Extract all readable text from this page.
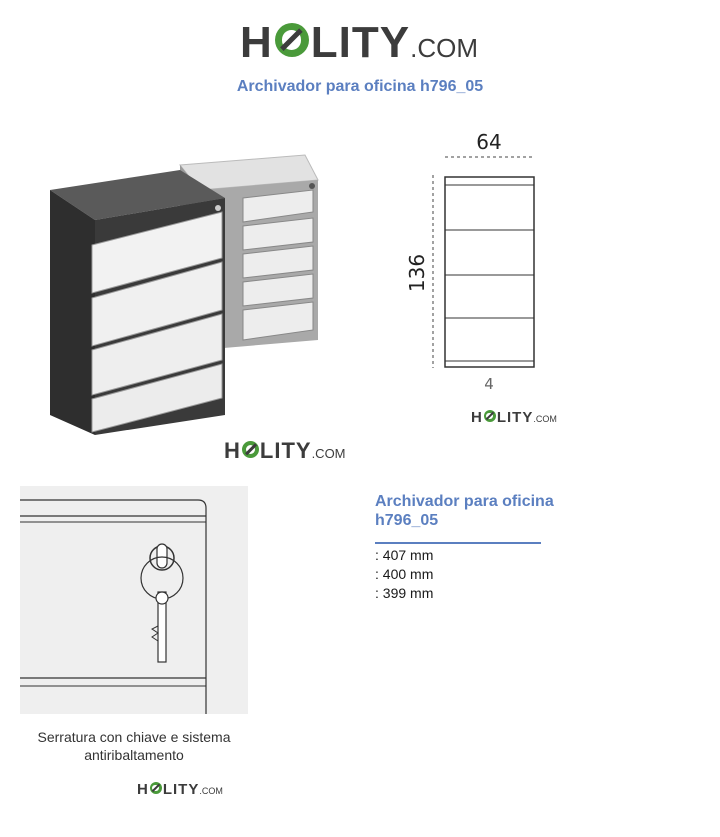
H LITY .COM
Archivador para oficina h796_05
H LITY .COM
64
136
4
H LITY .COM
Serratura con chiave e sistema antiribaltamento
H LITY .COM
Archivador para oficina h796_05
: 407 mm
: 400 mm
: 399 mm
